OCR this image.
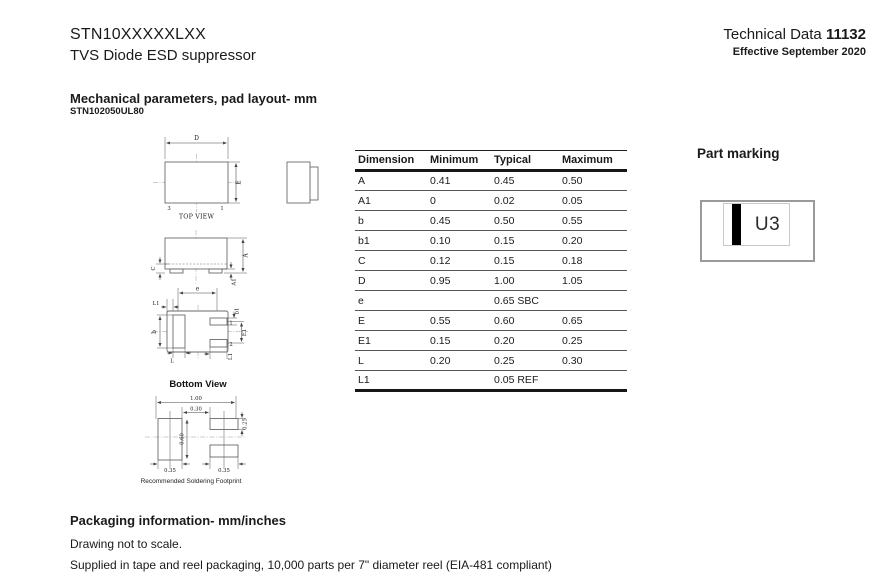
STN10XXXXXLXX
TVS Diode ESD suppressor
Technical Data 11132
Effective September 2020
Mechanical parameters, pad layout- mm
STN102050UL80
D
E
3	1
TOP VIEW
A
A1
C
e
L1
b
b1
1
2
E1
L
L1
Bottom View
1.00
0.30
0.25
0.60
0.35	0.35
Recommended Soldering Footprint
Dimension	Minimum	Typical	Maximum
A	0.41	0.45	0.50
A1	0	0.02	0.05
b	0.45	0.50	0.55
b1	0.10	0.15	0.20
C	0.12	0.15	0.18
D	0.95	1.00	1.05
e		0.65 SBC	
E	0.55	0.60	0.65
E1	0.15	0.20	0.25
L	0.20	0.25	0.30
L1		0.05 REF	
Part marking
U3
Packaging information- mm/inches
Drawing not to scale.
Supplied in tape and reel packaging, 10,000 parts per 7" diameter reel (EIA-481 compliant)
